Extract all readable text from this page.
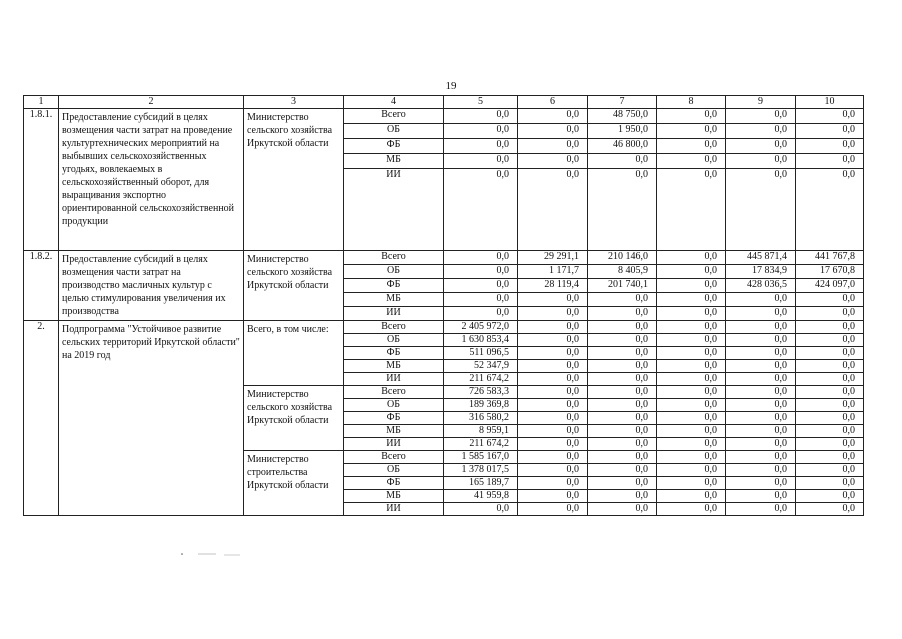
19
1	2	3	4	5	6	7	8	9	10
1.8.1.	Предоставление субсидий в целях возмещения части затрат на проведение культуртехнических мероприятий на выбывших сельскохозяйственных угодьях, вовлекаемых в сельскохозяйственный оборот, для выращивания экспортно ориентированной сельскохозяйственной продукции	Министерство сельского хозяйства Иркутской области	Всего	0,0	0,0	48 750,0	0,0	0,0	0,0
			ОБ	0,0	0,0	1 950,0	0,0	0,0	0,0
			ФБ	0,0	0,0	46 800,0	0,0	0,0	0,0
			МБ	0,0	0,0	0,0	0,0	0,0	0,0
			ИИ	0,0	0,0	0,0	0,0	0,0	0,0
1.8.2.	Предоставление субсидий в целях возмещения части затрат на производство масличных культур с целью стимулирования увеличения их производства	Министерство сельского хозяйства Иркутской области	Всего	0,0	29 291,1	210 146,0	0,0	445 871,4	441 767,8
			ОБ	0,0	1 171,7	8 405,9	0,0	17 834,9	17 670,8
			ФБ	0,0	28 119,4	201 740,1	0,0	428 036,5	424 097,0
			МБ	0,0	0,0	0,0	0,0	0,0	0,0
			ИИ	0,0	0,0	0,0	0,0	0,0	0,0
2.	Подпрограмма "Устойчивое развитие сельских территорий Иркутской области" на 2019 год	Всего, в том числе:	Всего	2 405 972,0	0,0	0,0	0,0	0,0	0,0
			ОБ	1 630 853,4	0,0	0,0	0,0	0,0	0,0
			ФБ	511 096,5	0,0	0,0	0,0	0,0	0,0
			МБ	52 347,9	0,0	0,0	0,0	0,0	0,0
			ИИ	211 674,2	0,0	0,0	0,0	0,0	0,0
		Министерство сельского хозяйства Иркутской области	Всего	726 583,3	0,0	0,0	0,0	0,0	0,0
			ОБ	189 369,8	0,0	0,0	0,0	0,0	0,0
			ФБ	316 580,2	0,0	0,0	0,0	0,0	0,0
			МБ	8 959,1	0,0	0,0	0,0	0,0	0,0
			ИИ	211 674,2	0,0	0,0	0,0	0,0	0,0
		Министерство строительства Иркутской области	Всего	1 585 167,0	0,0	0,0	0,0	0,0	0,0
			ОБ	1 378 017,5	0,0	0,0	0,0	0,0	0,0
			ФБ	165 189,7	0,0	0,0	0,0	0,0	0,0
			МБ	41 959,8	0,0	0,0	0,0	0,0	0,0
			ИИ	0,0	0,0	0,0	0,0	0,0	0,0
